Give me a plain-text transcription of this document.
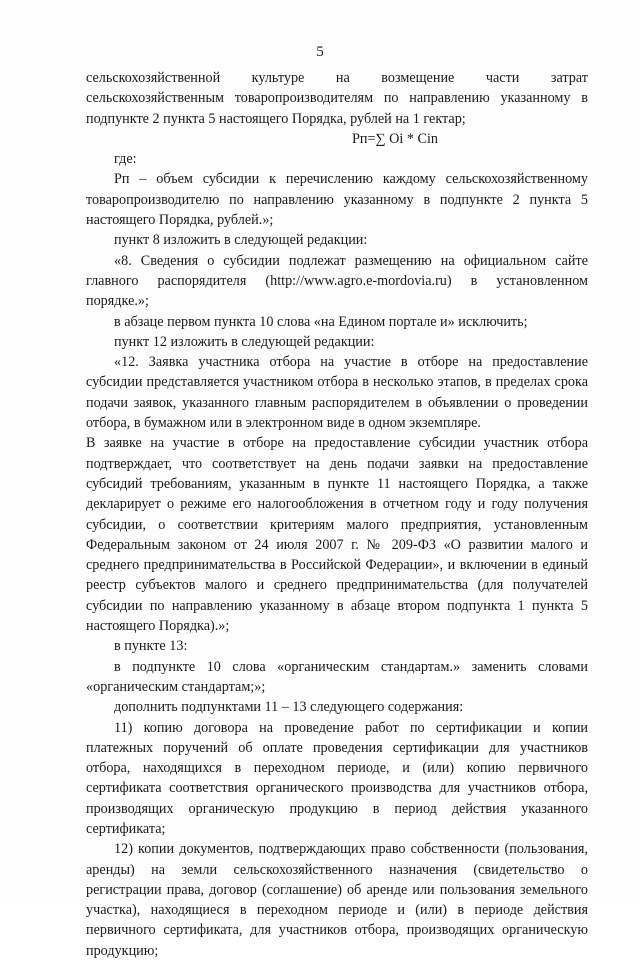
5

сельскохозяйственной культуре на возмещение части затрат сельскохозяйственным товаропроизводителям по направлению указанному в подпункте 2 пункта 5 настоящего Порядка, рублей на 1 гектар;

Pп=∑ Оi * Сin

где:

Pп – объем субсидии к перечислению каждому сельскохозяйственному товаропроизводителю по направлению указанному в подпункте 2 пункта 5 настоящего Порядка, рублей.»;

пункт 8 изложить в следующей редакции:

«8. Сведения о субсидии подлежат размещению на официальном сайте главного распорядителя (http://www.agro.e-mordovia.ru) в установленном порядке.»;

в абзаце первом пункта 10 слова «на Едином портале и» исключить;

пункт 12 изложить в следующей редакции:

«12. Заявка участника отбора на участие в отборе на предоставление субсидии представляется участником отбора в несколько этапов, в пределах срока подачи заявок, указанного главным распорядителем в объявлении о проведении отбора, в бумажном или в электронном виде в одном экземпляре.

В заявке на участие в отборе на предоставление субсидии участник отбора подтверждает, что соответствует на день подачи заявки на предоставление субсидий требованиям, указанным в пункте 11 настоящего Порядка, а также декларирует о режиме его налогообложения в отчетном году и году получения субсидии, о соответствии критериям малого предприятия, установленным Федеральным законом от 24 июля 2007 г. № 209-ФЗ «О развитии малого и среднего предпринимательства в Российской Федерации», и включении в единый реестр субъектов малого и среднего предпринимательства (для получателей субсидии по направлению указанному в абзаце втором подпункта 1 пункта 5 настоящего Порядка).»;

в пункте 13:

в подпункте 10 слова «органическим стандартам.» заменить словами «органическим стандартам;»;

дополнить подпунктами 11 – 13 следующего содержания:

11) копию договора на проведение работ по сертификации и копии платежных поручений об оплате проведения сертификации для участников отбора, находящихся в переходном периоде, и (или) копию первичного сертификата соответствия органического производства для участников отбора, производящих органическую продукцию в период действия указанного сертификата;

12) копии документов, подтверждающих право собственности (пользования, аренды) на земли сельскохозяйственного назначения (свидетельство о регистрации права, договор (соглашение) об аренде или пользования земельного участка), находящиеся в переходном периоде и (или) в периоде действия первичного сертификата, для участников отбора, производящих органическую продукцию;
